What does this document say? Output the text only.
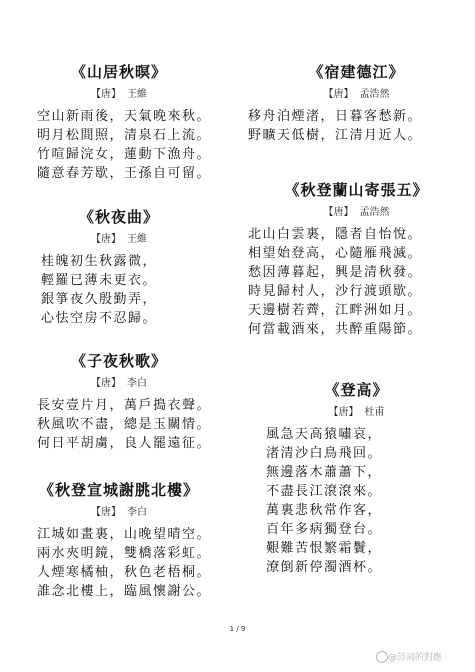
《山居秋暝》
【唐】 王維
空山新雨後，天氣晚來秋。
明月松間照，清泉石上流。
竹喧歸浣女，蓮動下漁舟。
隨意春芳歇，王孫自可留。
《秋夜曲》
【唐】 王維
桂魄初生秋露微，
輕羅已薄未更衣。
銀箏夜久殷勤弄，
心怯空房不忍歸。
《子夜秋歌》
【唐】 李白
長安壹片月，萬戶搗衣聲。
秋風吹不盡，總是玉關情。
何日平胡虜，良人罷遠征。
《秋登宣城謝朓北樓》
【唐】 李白
江城如畫裏，山晚望晴空。
兩水夾明鏡，雙橋落彩虹。
人煙寒橘柚，秋色老梧桐。
誰念北樓上，臨風懷謝公。
《宿建德江》
【唐】 孟浩然
移舟泊煙渚，日暮客愁新。
野曠天低樹，江清月近人。
《秋登蘭山寄張五》
【唐】 孟浩然
北山白雲裏，隱者自怡悅。
相望始登高，心隨雁飛滅。
愁因薄暮起，興是清秋發。
時見歸村人，沙行渡頭歇。
天邊樹若薺，江畔洲如月。
何當載酒來，共醉重陽節。
《登高》
【唐】 杜甫
風急天高猿嘯哀，
渚清沙白鳥飛回。
無邊落木蕭蕭下，
不盡長江滾滾來。
萬裏悲秋常作客，
百年多病獨登台。
艱難苦恨繁霜鬢，
潦倒新停濁酒杯。
1 / 9
@詩詞的對應
